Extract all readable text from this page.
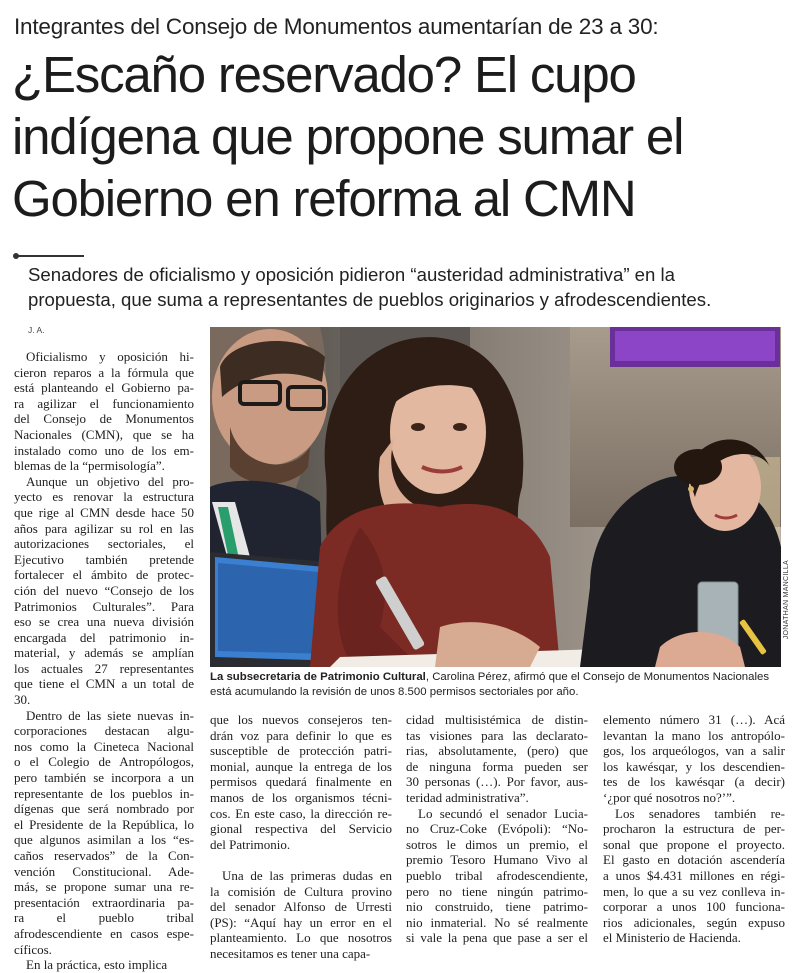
Integrantes del Consejo de Monumentos aumentarían de 23 a 30:
¿Escaño reservado? El cupo
indígena que propone sumar el
Gobierno en reforma al CMN
Senadores de oficialismo y oposición pidieron “austeridad administrativa” en la
propuesta, que suma a representantes de pueblos originarios y afrodescendientes.
J. A.
Oficialismo y oposición hi-
cieron reparos a la fórmula que
está planteando el Gobierno pa-
ra agilizar el funcionamiento
del Consejo de Monumentos
Nacionales (CMN), que se ha
instalado como uno de los em-
blemas de la “permisología”.
Aunque un objetivo del pro-
yecto es renovar la estructura
que rige al CMN desde hace 50
años para agilizar su rol en las
autorizaciones sectoriales, el
Ejecutivo también pretende
fortalecer el ámbito de protec-
ción del nuevo “Consejo de los
Patrimonios Culturales”. Para
eso se crea una nueva división
encargada del patrimonio in-
material, y además se amplían
los actuales 27 representantes
que tiene el CMN a un total de
30.
Dentro de las siete nuevas in-
corporaciones destacan algu-
nos como la Cineteca Nacional
o el Colegio de Antropólogos,
pero también se incorpora a un
representante de los pueblos in-
dígenas que será nombrado por
el Presidente de la República, lo
que algunos asimilan a los “es-
caños reservados” de la Con-
vención Constitucional. Ade-
más, se propone sumar una re-
presentación extraordinaria pa-
ra el pueblo tribal
afrodescendiente en casos espe-
cíficos.
En la práctica, esto implica
JONATHAN MANCILLA
La subsecretaria de Patrimonio Cultural, Carolina Pérez, afirmó que el Consejo de Monumentos Nacionales
está acumulando la revisión de unos 8.500 permisos sectoriales por año.
que los nuevos consejeros ten-
drán voz para definir lo que es
susceptible de protección patri-
monial, aunque la entrega de los
permisos quedará finalmente en
manos de los organismos técni-
cos. En este caso, la dirección re-
gional respectiva del Servicio
del Patrimonio.

Una de las primeras dudas en
la comisión de Cultura provino
del senador Alfonso de Urresti
(PS): “Aquí hay un error en el
planteamiento. Lo que nosotros
necesitamos es tener una capa-
cidad multisistémica de distin-
tas visiones para las declarato-
rias, absolutamente, (pero) que
de ninguna forma pueden ser
30 personas (…). Por favor, aus-
teridad administrativa”.
Lo secundó el senador Lucia-
no Cruz-Coke (Evópoli): “No-
sotros le dimos un premio, el
premio Tesoro Humano Vivo al
pueblo tribal afrodescendiente,
pero no tiene ningún patrimo-
nio construido, tiene patrimo-
nio inmaterial. No sé realmente
si vale la pena que pase a ser el
elemento número 31 (…). Acá
levantan la mano los antropólo-
gos, los arqueólogos, van a salir
los kawésqar, y los descendien-
tes de los kawésqar (a decir)
‘¿por qué nosotros no?’”.
Los senadores también re-
procharon la estructura de per-
sonal que propone el proyecto.
El gasto en dotación ascendería
a unos $4.431 millones en régi-
men, lo que a su vez conlleva in-
corporar a unos 100 funciona-
rios adicionales, según expuso
el Ministerio de Hacienda.
